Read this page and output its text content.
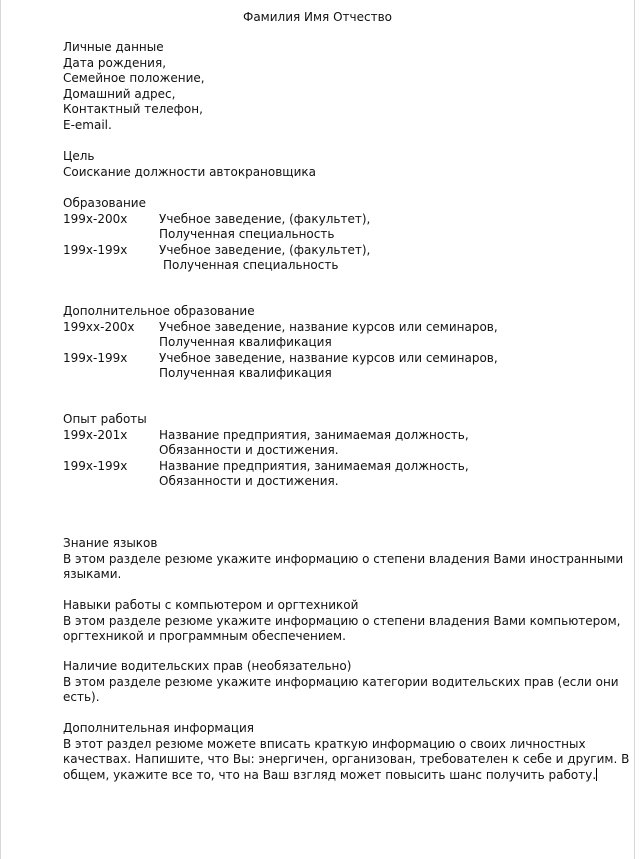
Фамилия Имя Отчество
Личные данные
Дата рождения,
Семейное положение,
Домашний адрес,
Контактный телефон,
E-email.
Цель
Соискание должности автокрановщика
Образование
199x-200x	Учебное заведение, (факультет),
Полученная специальность
199x-199x	Учебное заведение, (факультет),
Полученная специальность
Дополнительное образование
199xx-200x	Учебное заведение, название курсов или семинаров,
Полученная квалификация
199x-199x	Учебное заведение, название курсов или семинаров,
Полученная квалификация
Опыт работы
199x-201x	Название предприятия, занимаемая должность,
Обязанности и достижения.
199x-199x	Название предприятия, занимаемая должность,
Обязанности и достижения.
Знание языков
В этом разделе резюме укажите информацию о степени владения Вами иностранными
языками.
Навыки работы с компьютером и оргтехникой
В этом разделе резюме укажите информацию о степени владения Вами компьютером,
оргтехникой и программным обеспечением.
Наличие водительских прав (необязательно)
В этом разделе резюме укажите информацию категории водительских прав (если они
есть).
Дополнительная информация
В этот раздел резюме можете вписать краткую информацию о своих личностных
качествах. Напишите, что Вы: энергичен, организован, требователен к себе и другим. В
общем, укажите все то, что на Ваш взгляд может повысить шанс получить работу.
